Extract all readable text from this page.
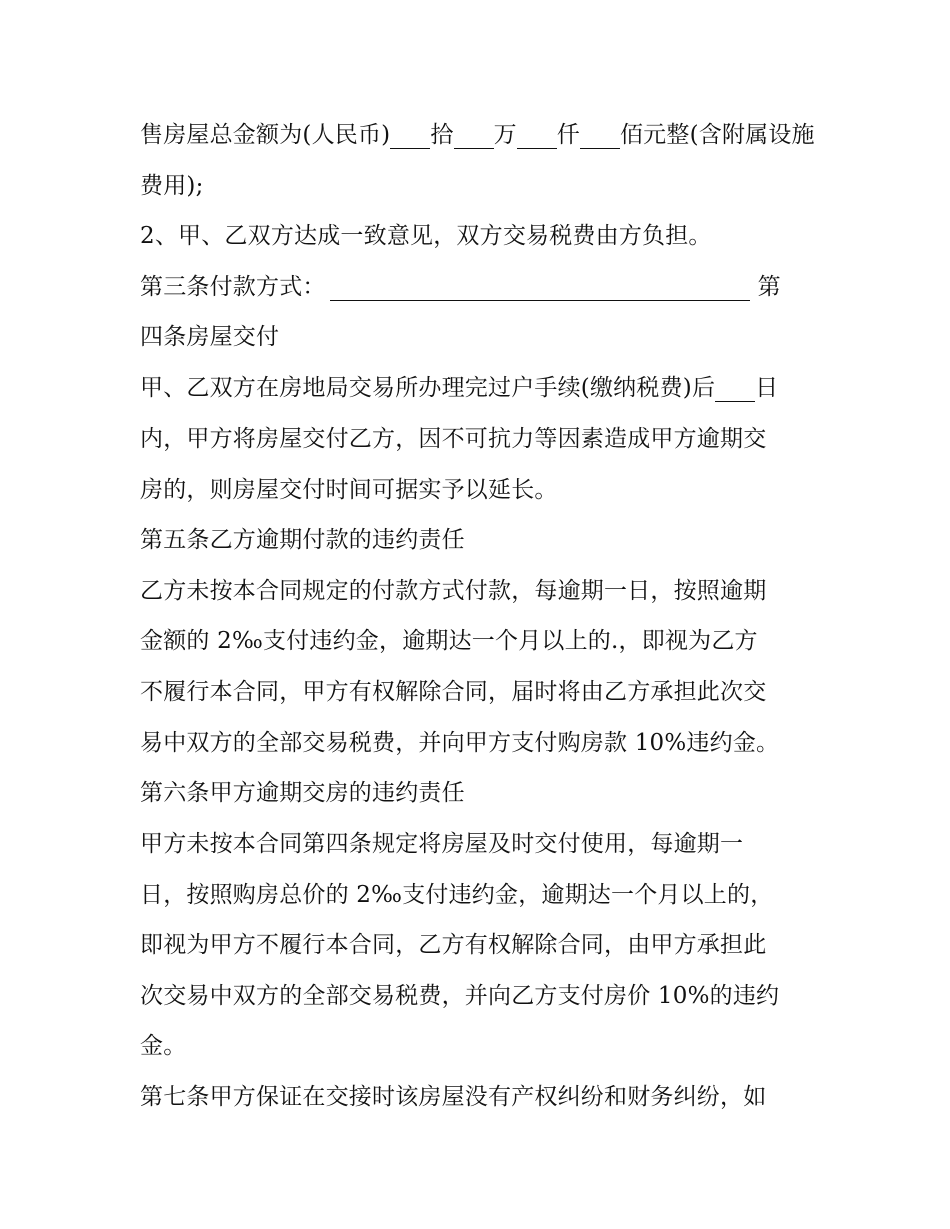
售房屋总金额为(人民币) 拾 万 仟 佰元整(含附属设施
费用);
2、甲、乙双方达成一致意见，双方交易税费由方负担。
第三条付款方式：	第
四条房屋交付
甲、乙双方在房地局交易所办理完过户手续(缴纳税费)后 日
内，甲方将房屋交付乙方，因不可抗力等因素造成甲方逾期交
房的，则房屋交付时间可据实予以延长。
第五条乙方逾期付款的违约责任
乙方未按本合同规定的付款方式付款，每逾期一日，按照逾期
金额的 2‰支付违约金，逾期达一个月以上的.，即视为乙方
不履行本合同，甲方有权解除合同，届时将由乙方承担此次交
易中双方的全部交易税费，并向甲方支付购房款 10%违约金。
第六条甲方逾期交房的违约责任
甲方未按本合同第四条规定将房屋及时交付使用，每逾期一
日，按照购房总价的 2‰支付违约金，逾期达一个月以上的，
即视为甲方不履行本合同，乙方有权解除合同，由甲方承担此
次交易中双方的全部交易税费，并向乙方支付房价 10%的违约
金。
第七条甲方保证在交接时该房屋没有产权纠纷和财务纠纷，如
